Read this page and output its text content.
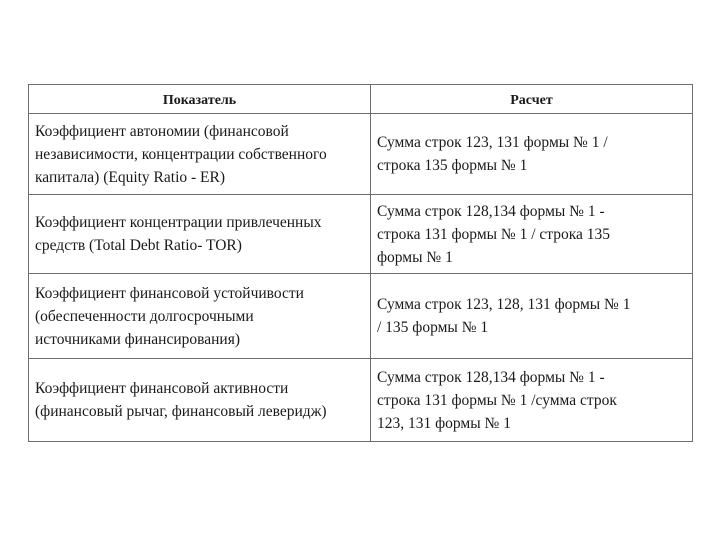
Показатель	Расчет

Коэффициент автономии (финансовой
независимости, концентрации собственного
капитала) (Equity Ratio - ER)	Сумма строк 123, 131 формы № 1 /
строка 135 формы № 1

Коэффициент концентрации привлеченных
средств (Total Debt Ratio- TOR)	Сумма строк 128,134 формы № 1 -
строка 131 формы № 1 / строка 135
формы № 1

Коэффициент финансовой устойчивости
(обеспеченности долгосрочными
источниками финансирования)	Сумма строк 123, 128, 131 формы № 1
/ 135 формы № 1

Коэффициент финансовой активности
(финансовый рычаг, финансовый леверидж)	Сумма строк 128,134 формы № 1 -
строка 131 формы № 1 /сумма строк
123, 131 формы № 1
